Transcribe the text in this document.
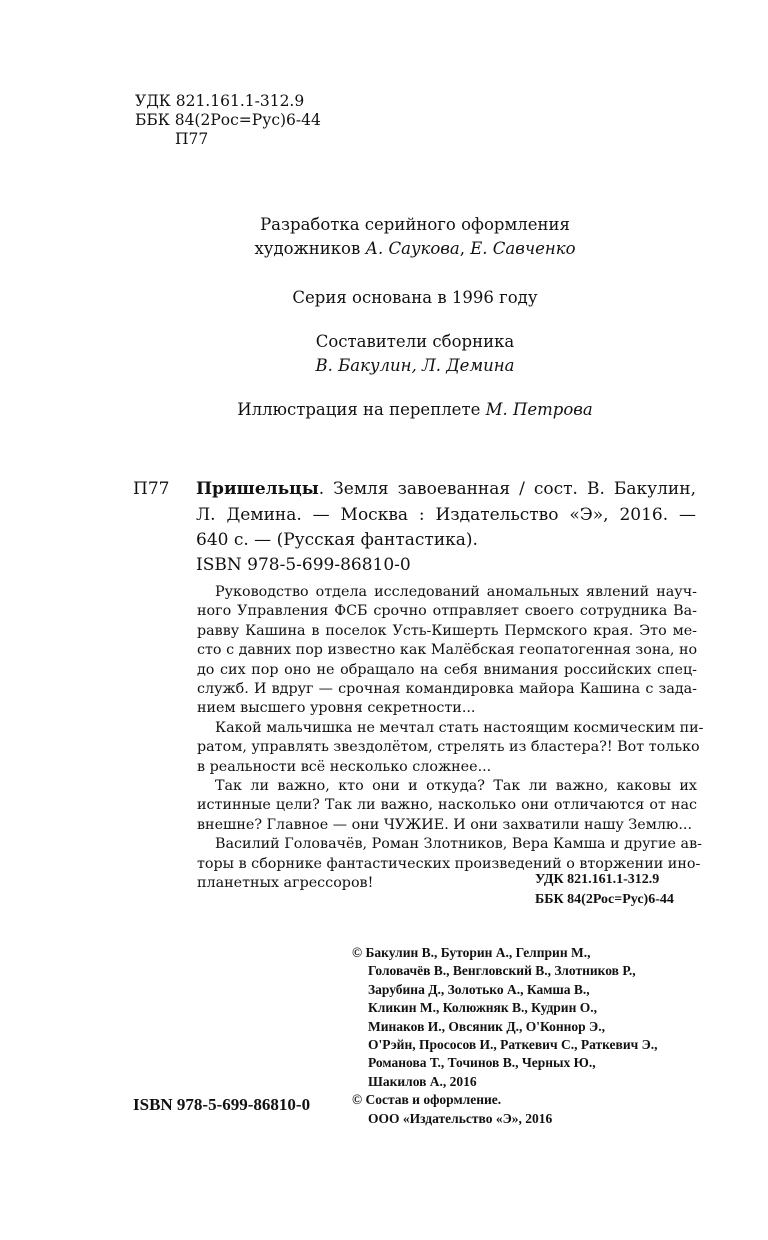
УДК 821.161.1-312.9
ББК 84(2Рос=Рус)6-44
П77
Разработка серийного оформления
художников А. Саукова, Е. Савченко
Серия основана в 1996 году
Составители сборника
В. Бакулин, Л. Демина
Иллюстрация на переплете М. Петрова
П77 Пришельцы. Земля завоеванная / сост. В. Бакулин,
Л. Демина. — Москва : Издательство «Э», 2016. —
640 с. — (Русская фантастика).
ISBN 978-5-699-86810-0
Руководство отдела исследований аномальных явлений науч-
ного Управления ФСБ срочно отправляет своего сотрудника Ва-
равву Кашина в поселок Усть-Кишерть Пермского края. Это ме-
сто с давних пор известно как Малёбская геопатогенная зона, но
до сих пор оно не обращало на себя внимания российских спец-
служб. И вдруг — срочная командировка майора Кашина с зада-
нием высшего уровня секретности...
Какой мальчишка не мечтал стать настоящим космическим пи-
ратом, управлять звездолётом, стрелять из бластера?! Вот только
в реальности всё несколько сложнее...
Так ли важно, кто они и откуда? Так ли важно, каковы их
истинные цели? Так ли важно, насколько они отличаются от нас
внешне? Главное — они ЧУЖИЕ. И они захватили нашу Землю...
Василий Головачёв, Роман Злотников, Вера Камша и другие ав-
торы в сборнике фантастических произведений о вторжении ино-
планетных агрессоров!	УДК 821.161.1-312.9
ББК 84(2Рос=Рус)6-44
© Бакулин В., Буторин А., Гелприн М.,
Головачёв В., Венгловский В., Злотников Р.,
Зарубина Д., Золотько А., Камша В.,
Кликин М., Колюжняк В., Кудрин О.,
Минаков И., Овсяник Д., О'Коннор Э.,
О'Рэйн, Прососов И., Раткевич С., Раткевич Э.,
Романова Т., Точинов В., Черных Ю.,
Шакилов А., 2016
© Состав и оформление.
ООО «Издательство «Э», 2016
ISBN 978-5-699-86810-0
